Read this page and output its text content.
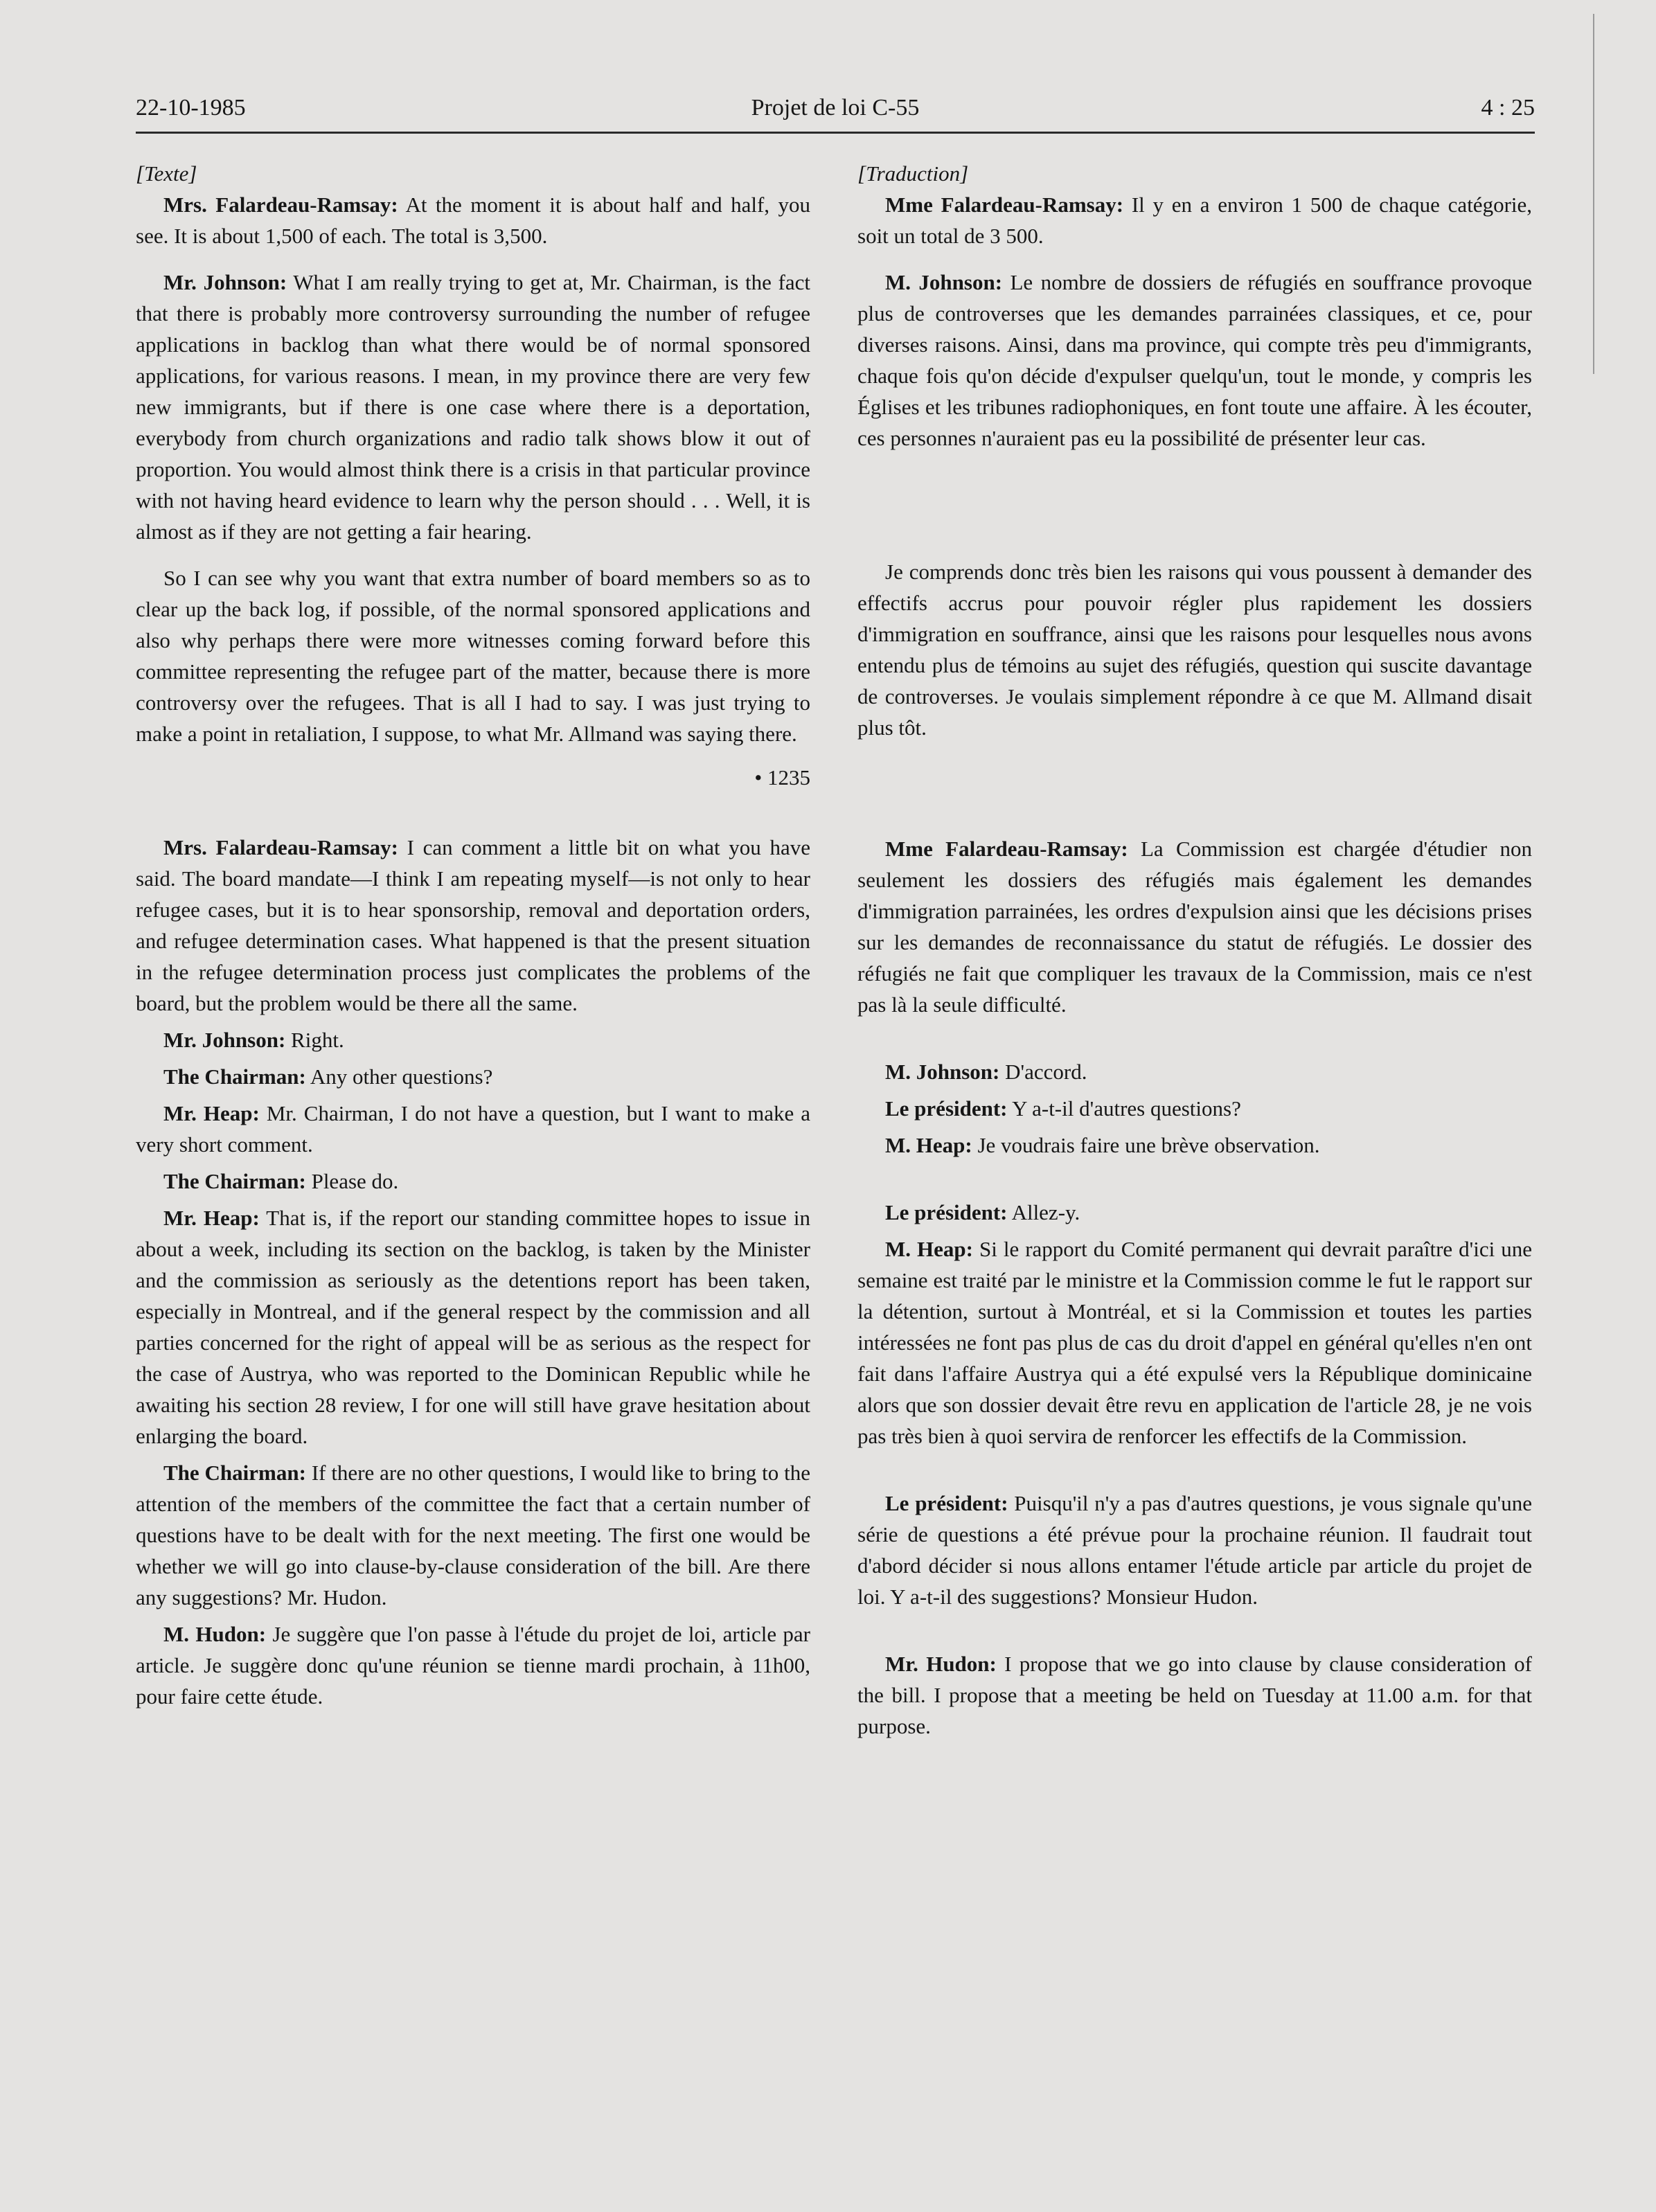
22-10-1985	Projet de loi C-55	4 : 25
[Texte]

Mrs. Falardeau-Ramsay: At the moment it is about half and half, you see. It is about 1,500 of each. The total is 3,500.

Mr. Johnson: What I am really trying to get at, Mr. Chairman, is the fact that there is probably more controversy surrounding the number of refugee applications in backlog than what there would be of normal sponsored applications, for various reasons. I mean, in my province there are very few new immigrants, but if there is one case where there is a deportation, everybody from church organizations and radio talk shows blow it out of proportion. You would almost think there is a crisis in that particular province with not having heard evidence to learn why the person should . . . Well, it is almost as if they are not getting a fair hearing.

So I can see why you want that extra number of board members so as to clear up the back log, if possible, of the normal sponsored applications and also why perhaps there were more witnesses coming forward before this committee representing the refugee part of the matter, because there is more controversy over the refugees. That is all I had to say. I was just trying to make a point in retaliation, I suppose, to what Mr. Allmand was saying there.

• 1235

Mrs. Falardeau-Ramsay: I can comment a little bit on what you have said. The board mandate—I think I am repeating myself—is not only to hear refugee cases, but it is to hear sponsorship, removal and deportation orders, and refugee determination cases. What happened is that the present situation in the refugee determination process just complicates the problems of the board, but the problem would be there all the same.

Mr. Johnson: Right.

The Chairman: Any other questions?

Mr. Heap: Mr. Chairman, I do not have a question, but I want to make a very short comment.

The Chairman: Please do.

Mr. Heap: That is, if the report our standing committee hopes to issue in about a week, including its section on the backlog, is taken by the Minister and the commission as seriously as the detentions report has been taken, especially in Montreal, and if the general respect by the commission and all parties concerned for the right of appeal will be as serious as the respect for the case of Austrya, who was reported to the Dominican Republic while he awaiting his section 28 review, I for one will still have grave hesitation about enlarging the board.

The Chairman: If there are no other questions, I would like to bring to the attention of the members of the committee the fact that a certain number of questions have to be dealt with for the next meeting. The first one would be whether we will go into clause-by-clause consideration of the bill. Are there any suggestions? Mr. Hudon.

M. Hudon: Je suggère que l'on passe à l'étude du projet de loi, article par article. Je suggère donc qu'une réunion se tienne mardi prochain, à 11h00, pour faire cette étude.

[Traduction]

Mme Falardeau-Ramsay: Il y en a environ 1 500 de chaque catégorie, soit un total de 3 500.

M. Johnson: Le nombre de dossiers de réfugiés en souffrance provoque plus de controverses que les demandes parrainées classiques, et ce, pour diverses raisons. Ainsi, dans ma province, qui compte très peu d'immigrants, chaque fois qu'on décide d'expulser quelqu'un, tout le monde, y compris les Églises et les tribunes radiophoniques, en font toute une affaire. À les écouter, ces personnes n'auraient pas eu la possibilité de présenter leur cas.

Je comprends donc très bien les raisons qui vous poussent à demander des effectifs accrus pour pouvoir régler plus rapidement les dossiers d'immigration en souffrance, ainsi que les raisons pour lesquelles nous avons entendu plus de témoins au sujet des réfugiés, question qui suscite davantage de controverses. Je voulais simplement répondre à ce que M. Allmand disait plus tôt.

Mme Falardeau-Ramsay: La Commission est chargée d'étudier non seulement les dossiers des réfugiés mais également les demandes d'immigration parrainées, les ordres d'expulsion ainsi que les décisions prises sur les demandes de reconnaissance du statut de réfugiés. Le dossier des réfugiés ne fait que compliquer les travaux de la Commission, mais ce n'est pas là la seule difficulté.

M. Johnson: D'accord.

Le président: Y a-t-il d'autres questions?

M. Heap: Je voudrais faire une brève observation.

Le président: Allez-y.

M. Heap: Si le rapport du Comité permanent qui devrait paraître d'ici une semaine est traité par le ministre et la Commission comme le fut le rapport sur la détention, surtout à Montréal, et si la Commission et toutes les parties intéressées ne font pas plus de cas du droit d'appel en général qu'elles n'en ont fait dans l'affaire Austrya qui a été expulsé vers la République dominicaine alors que son dossier devait être revu en application de l'article 28, je ne vois pas très bien à quoi servira de renforcer les effectifs de la Commission.

Le président: Puisqu'il n'y a pas d'autres questions, je vous signale qu'une série de questions a été prévue pour la prochaine réunion. Il faudrait tout d'abord décider si nous allons entamer l'étude article par article du projet de loi. Y a-t-il des suggestions? Monsieur Hudon.

Mr. Hudon: I propose that we go into clause by clause consideration of the bill. I propose that a meeting be held on Tuesday at 11.00 a.m. for that purpose.
